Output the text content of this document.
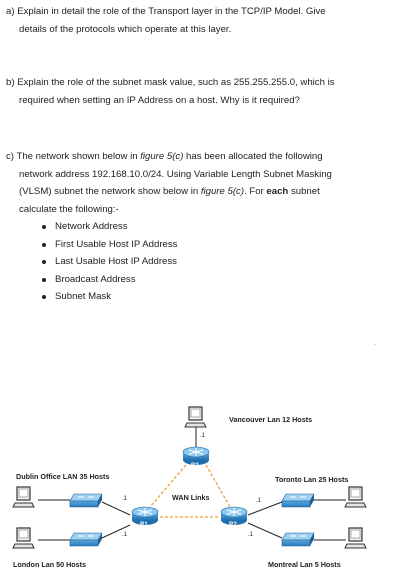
a) Explain in detail the role of the Transport layer in the TCP/IP Model. Give
details of the protocols which operate at this layer.
b) Explain the role of the subnet mask value, such as 255.255.255.0, which is
required when setting an IP Address on a host. Why is it required?
c) The network shown below in figure 5(c) has been allocated the following
network address 192.168.10.0/24. Using Variable Length Subnet Masking
(VLSM) subnet the network show below in figure 5(c). For each subnet
calculate the following:-
Network Address
First Usable Host IP Address
Last Usable Host IP Address
Broadcast Address
Subnet Mask
-
R3
R1	R2
.1
.1
.1
.1
.1
Vancouver Lan 12 Hosts
Dublin Office LAN 35 Hosts	Toronto Lan 25 Hosts
WAN Links
London Lan 50 Hosts	Montreal Lan 5 Hosts
